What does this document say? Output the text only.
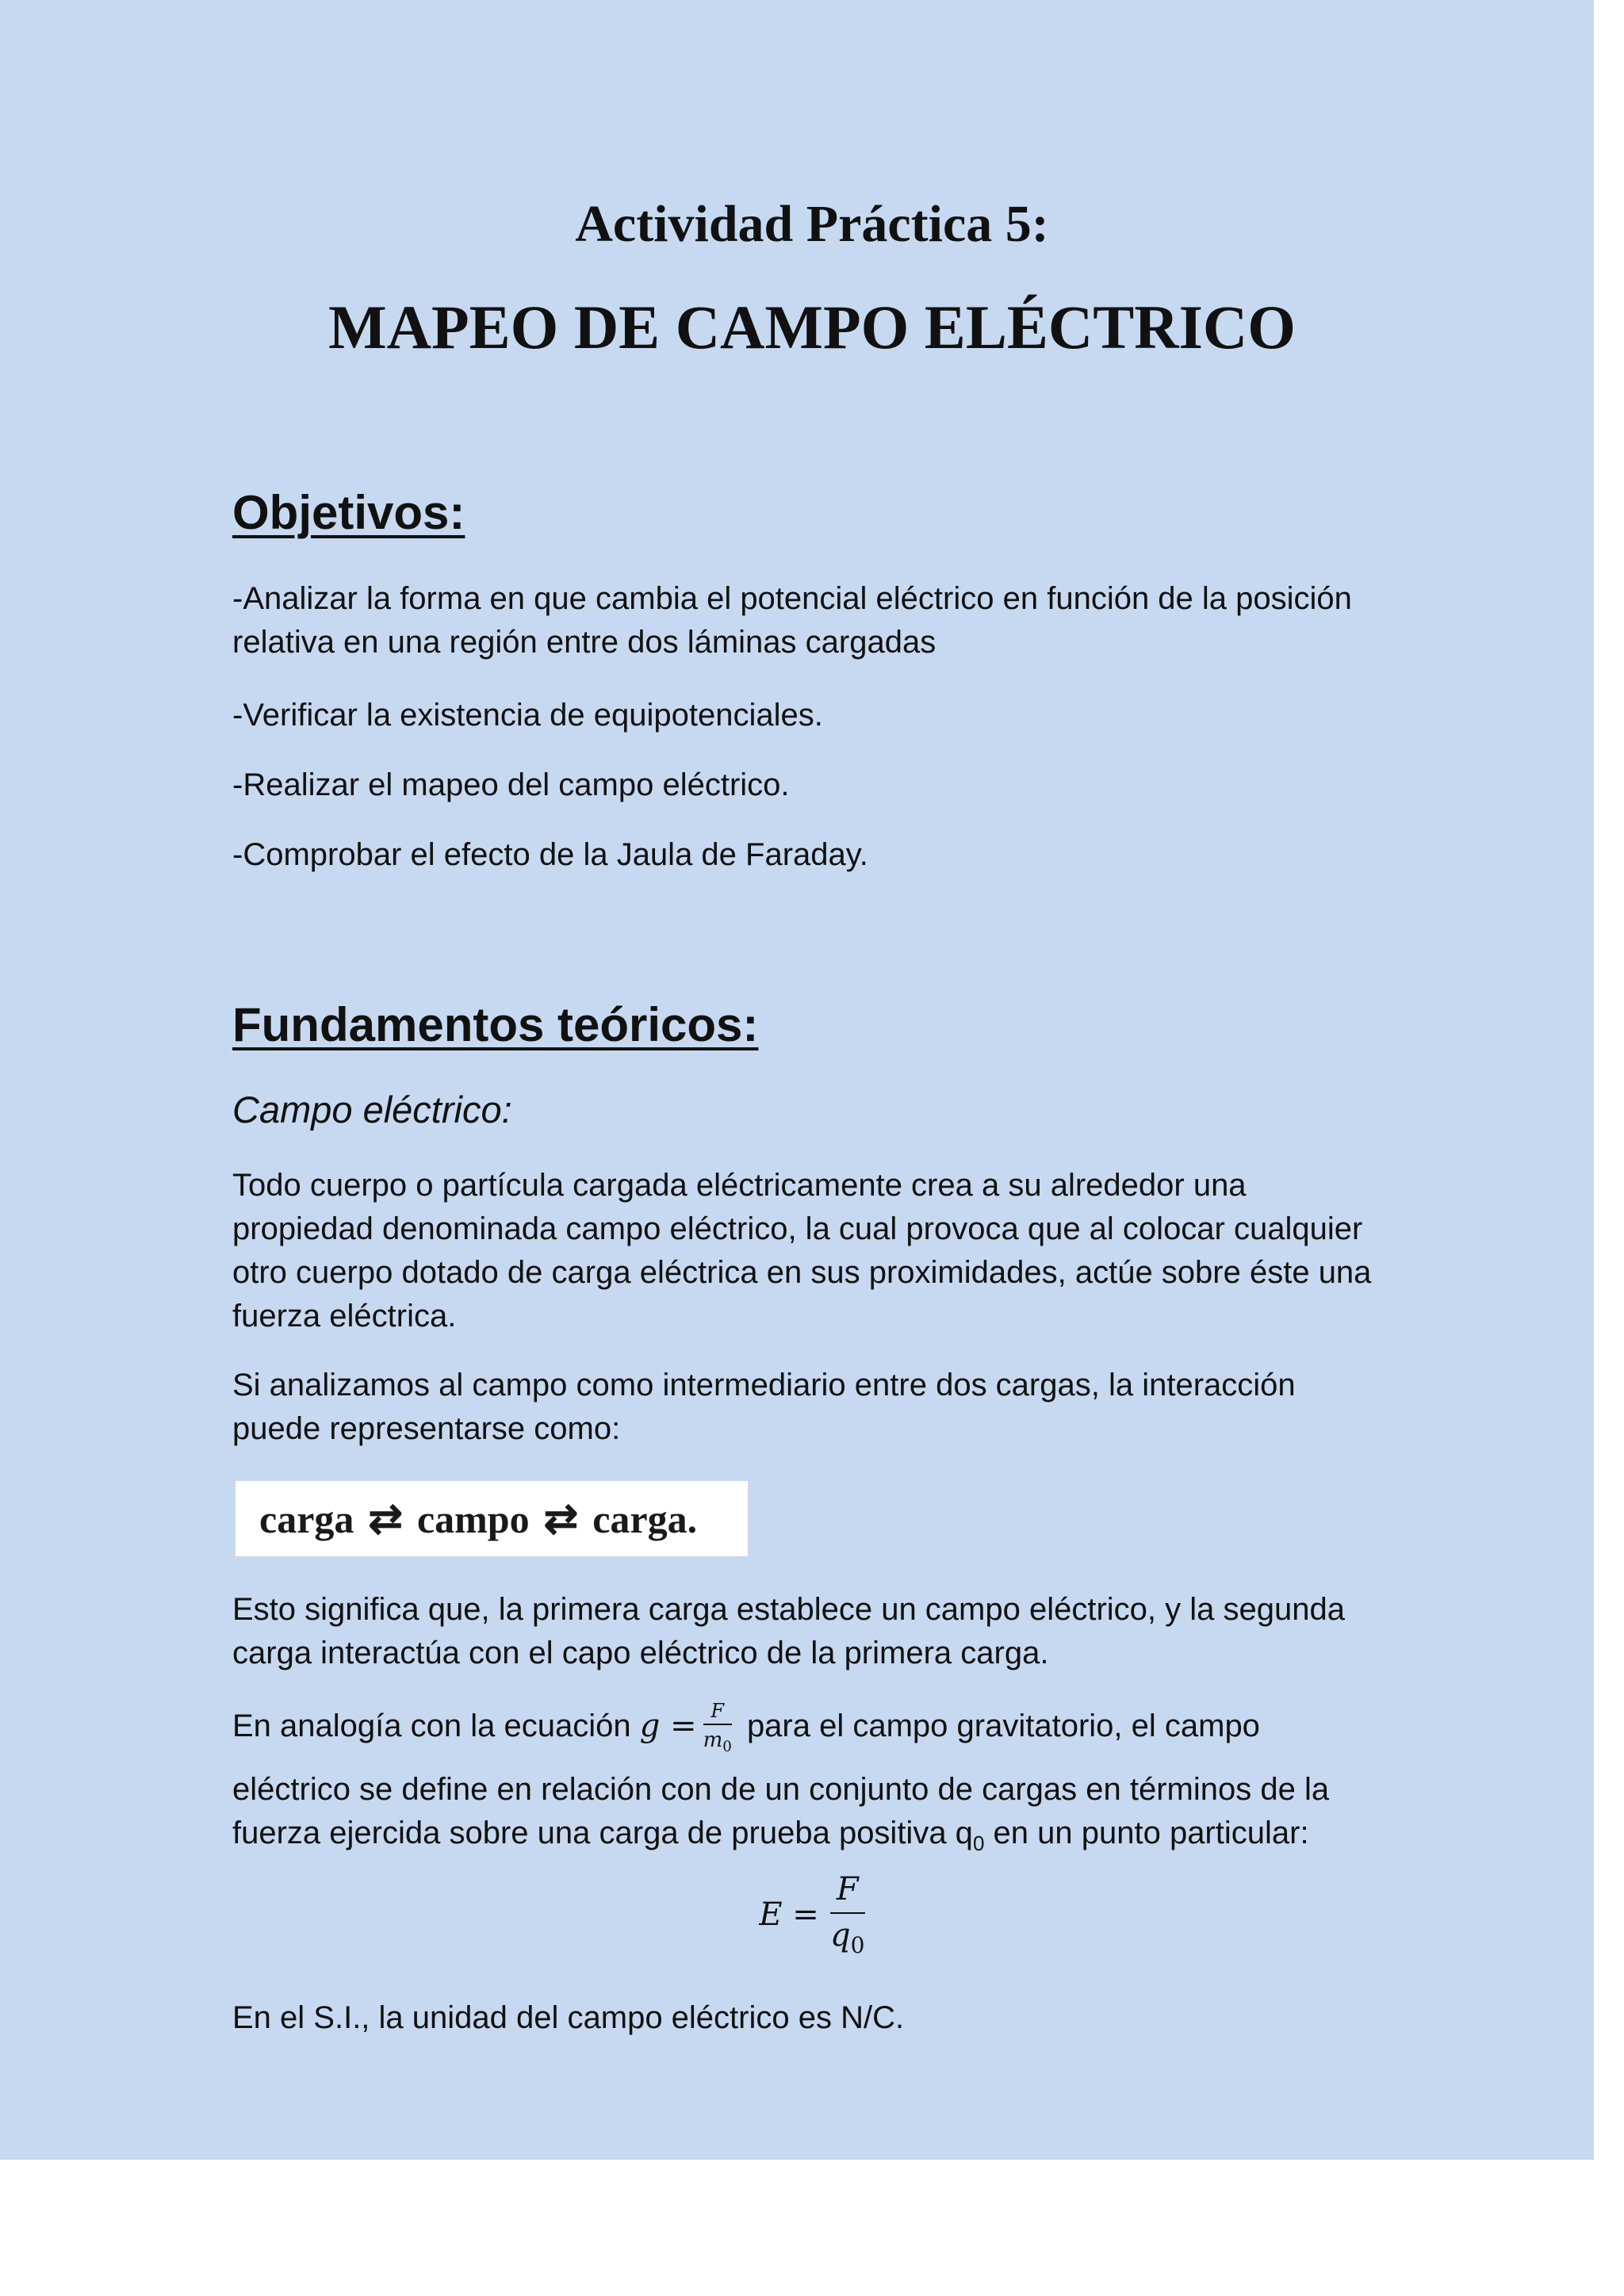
Actividad Práctica 5:
MAPEO DE CAMPO ELÉCTRICO
Objetivos:

-Analizar la forma en que cambia el potencial eléctrico en función de la posición relativa en una región entre dos láminas cargadas

-Verificar la existencia de equipotenciales.

-Realizar el mapeo del campo eléctrico.

-Comprobar el efecto de la Jaula de Faraday.

Fundamentos teóricos:

Campo eléctrico:

Todo cuerpo o partícula cargada eléctricamente crea a su alrededor una propiedad denominada campo eléctrico, la cual provoca que al colocar cualquier otro cuerpo dotado de carga eléctrica en sus proximidades, actúe sobre éste una fuerza eléctrica.

Si analizamos al campo como intermediario entre dos cargas, la interacción puede representarse como:

carga ⇄ campo ⇄ carga.

Esto significa que, la primera carga establece un campo eléctrico, y la segunda carga interactúa con el capo eléctrico de la primera carga.

En analogía con la ecuación $g = \frac{F}{m_0}$ para el campo gravitatorio, el campo

eléctrico se define en relación con de un conjunto de cargas en términos de la fuerza ejercida sobre una carga de prueba positiva $q_0$ en un punto particular:

$E = \frac{F}{q_0}$

En el S.I., la unidad del campo eléctrico es N/C.
